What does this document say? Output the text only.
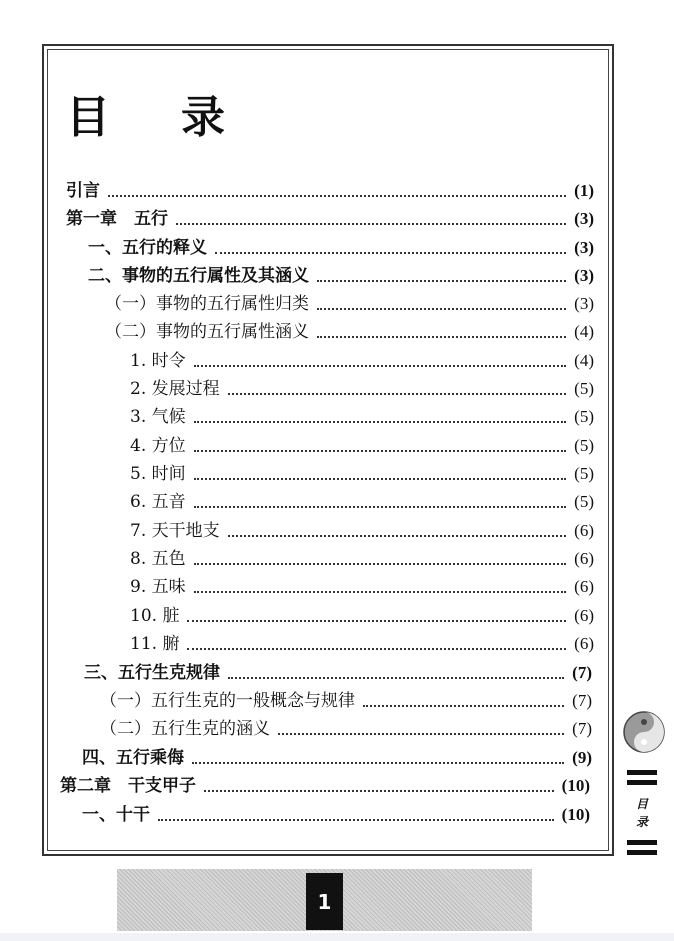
目 录
引言	(1)
第一章　五行	(3)
一、五行的释义	(3)
二、事物的五行属性及其涵义	(3)
（一）事物的五行属性归类	(3)
（二）事物的五行属性涵义	(4)
1. 时令	(4)
2. 发展过程	(5)
3. 气候	(5)
4. 方位	(5)
5. 时间	(5)
6. 五音	(5)
7. 天干地支	(6)
8. 五色	(6)
9. 五味	(6)
10. 脏	(6)
11. 腑	(6)
三、五行生克规律	(7)
（一）五行生克的一般概念与规律	(7)
（二）五行生克的涵义	(7)
四、五行乘侮	(9)
第二章　干支甲子	(10)
一、十干	(10)
目
录
1
